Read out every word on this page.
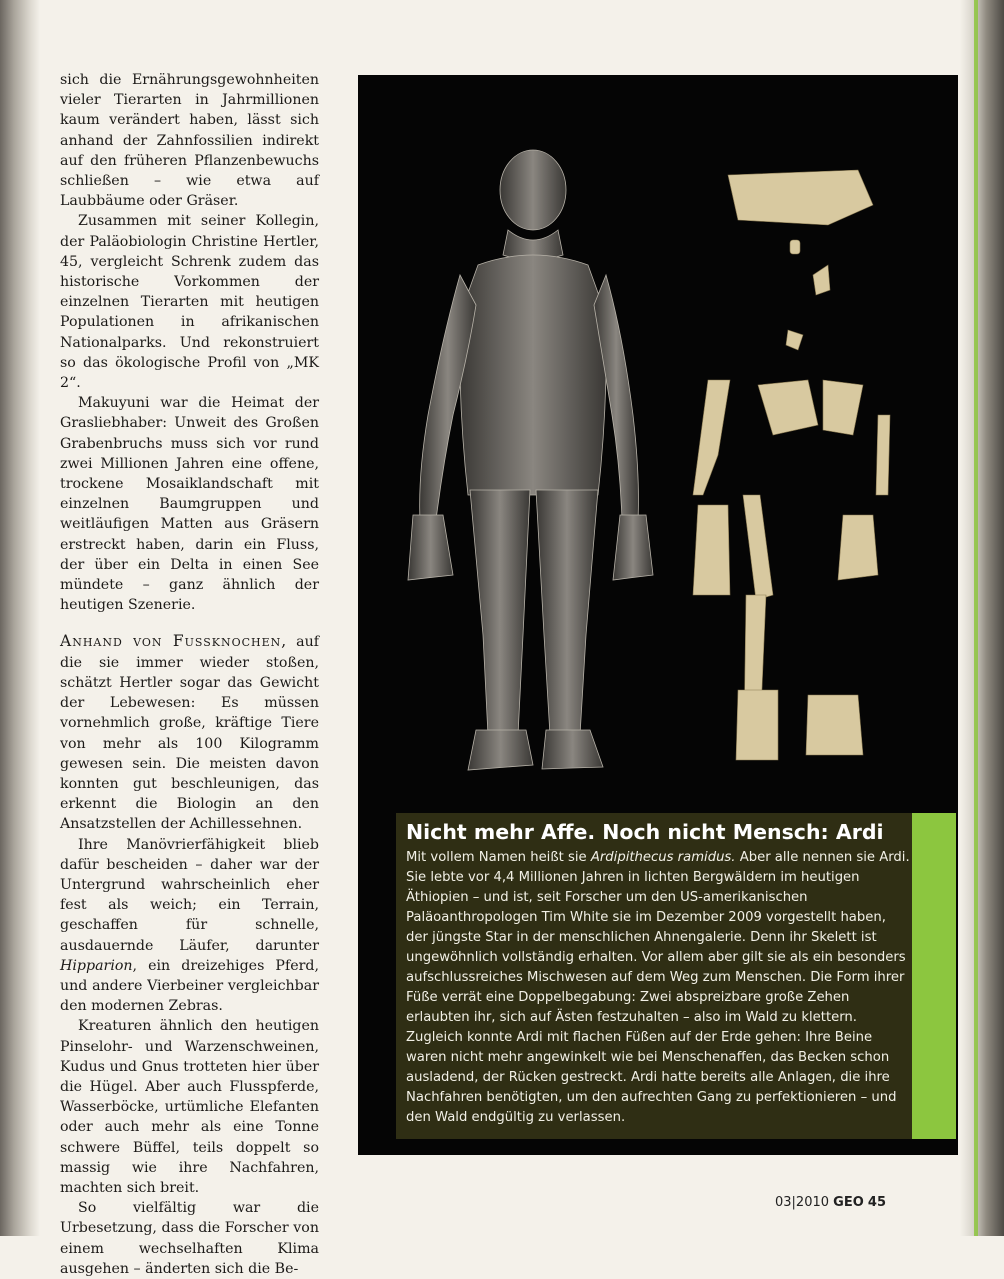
sich die Ernährungsgewohnheiten vieler Tierarten in Jahrmillionen kaum verändert haben, lässt sich anhand der Zahnfossilien indirekt auf den früheren Pflanzenbewuchs schließen – wie etwa auf Laubbäume oder Gräser.

Zusammen mit seiner Kollegin, der Paläobiologin Christine Hertler, 45, vergleicht Schrenk zudem das historische Vorkommen der einzelnen Tierarten mit heutigen Populationen in afrikanischen Nationalparks. Und rekonstruiert so das ökologische Profil von „MK 2“.

Makuyuni war die Heimat der Grasliebhaber: Unweit des Großen Grabenbruchs muss sich vor rund zwei Millionen Jahren eine offene, trockene Mosaiklandschaft mit einzelnen Baumgruppen und weitläufigen Matten aus Gräsern erstreckt haben, darin ein Fluss, der über ein Delta in einen See mündete – ganz ähnlich der heutigen Szenerie.

Anhand von Fussknochen, auf die sie immer wieder stoßen, schätzt Hertler sogar das Gewicht der Lebewesen: Es müssen vornehmlich große, kräftige Tiere von mehr als 100 Kilogramm gewesen sein. Die meisten davon konnten gut beschleunigen, das erkennt die Biologin an den Ansatzstellen der Achillessehnen.

Ihre Manövrierfähigkeit blieb dafür bescheiden – daher war der Untergrund wahrscheinlich eher fest als weich; ein Terrain, geschaffen für schnelle, ausdauernde Läufer, darunter Hipparion, ein dreizehiges Pferd, und andere Vierbeiner vergleichbar den modernen Zebras.

Kreaturen ähnlich den heutigen Pinselohr- und Warzenschweinen, Kudus und Gnus trotteten hier über die Hügel. Aber auch Flusspferde, Wasserböcke, urtümliche Elefanten oder auch mehr als eine Tonne schwere Büffel, teils doppelt so massig wie ihre Nachfahren, machten sich breit.

So vielfältig war die Urbesetzung, dass die Forscher von einem wechselhaften Klima ausgehen – änderten sich die Be-

Nicht mehr Affe. Noch nicht Mensch: Ardi
Mit vollem Namen heißt sie Ardipithecus ramidus. Aber alle nennen sie Ardi. Sie lebte vor 4,4 Millionen Jahren in lichten Bergwäldern im heutigen Äthiopien – und ist, seit Forscher um den US-amerikanischen Paläoanthropologen Tim White sie im Dezember 2009 vorgestellt haben, der jüngste Star in der menschlichen Ahnengalerie. Denn ihr Skelett ist ungewöhnlich vollständig erhalten. Vor allem aber gilt sie als ein besonders aufschlussreiches Mischwesen auf dem Weg zum Menschen. Die Form ihrer Füße verrät eine Doppelbegabung: Zwei abspreizbare große Zehen erlaubten ihr, sich auf Ästen festzuhalten – also im Wald zu klettern. Zugleich konnte Ardi mit flachen Füßen auf der Erde gehen: Ihre Beine waren nicht mehr angewinkelt wie bei Menschenaffen, das Becken schon ausladend, der Rücken gestreckt. Ardi hatte bereits alle Anlagen, die ihre Nachfahren benötigten, um den aufrechten Gang zu perfektionieren – und den Wald endgültig zu verlassen.
03|2010 GEO 45
